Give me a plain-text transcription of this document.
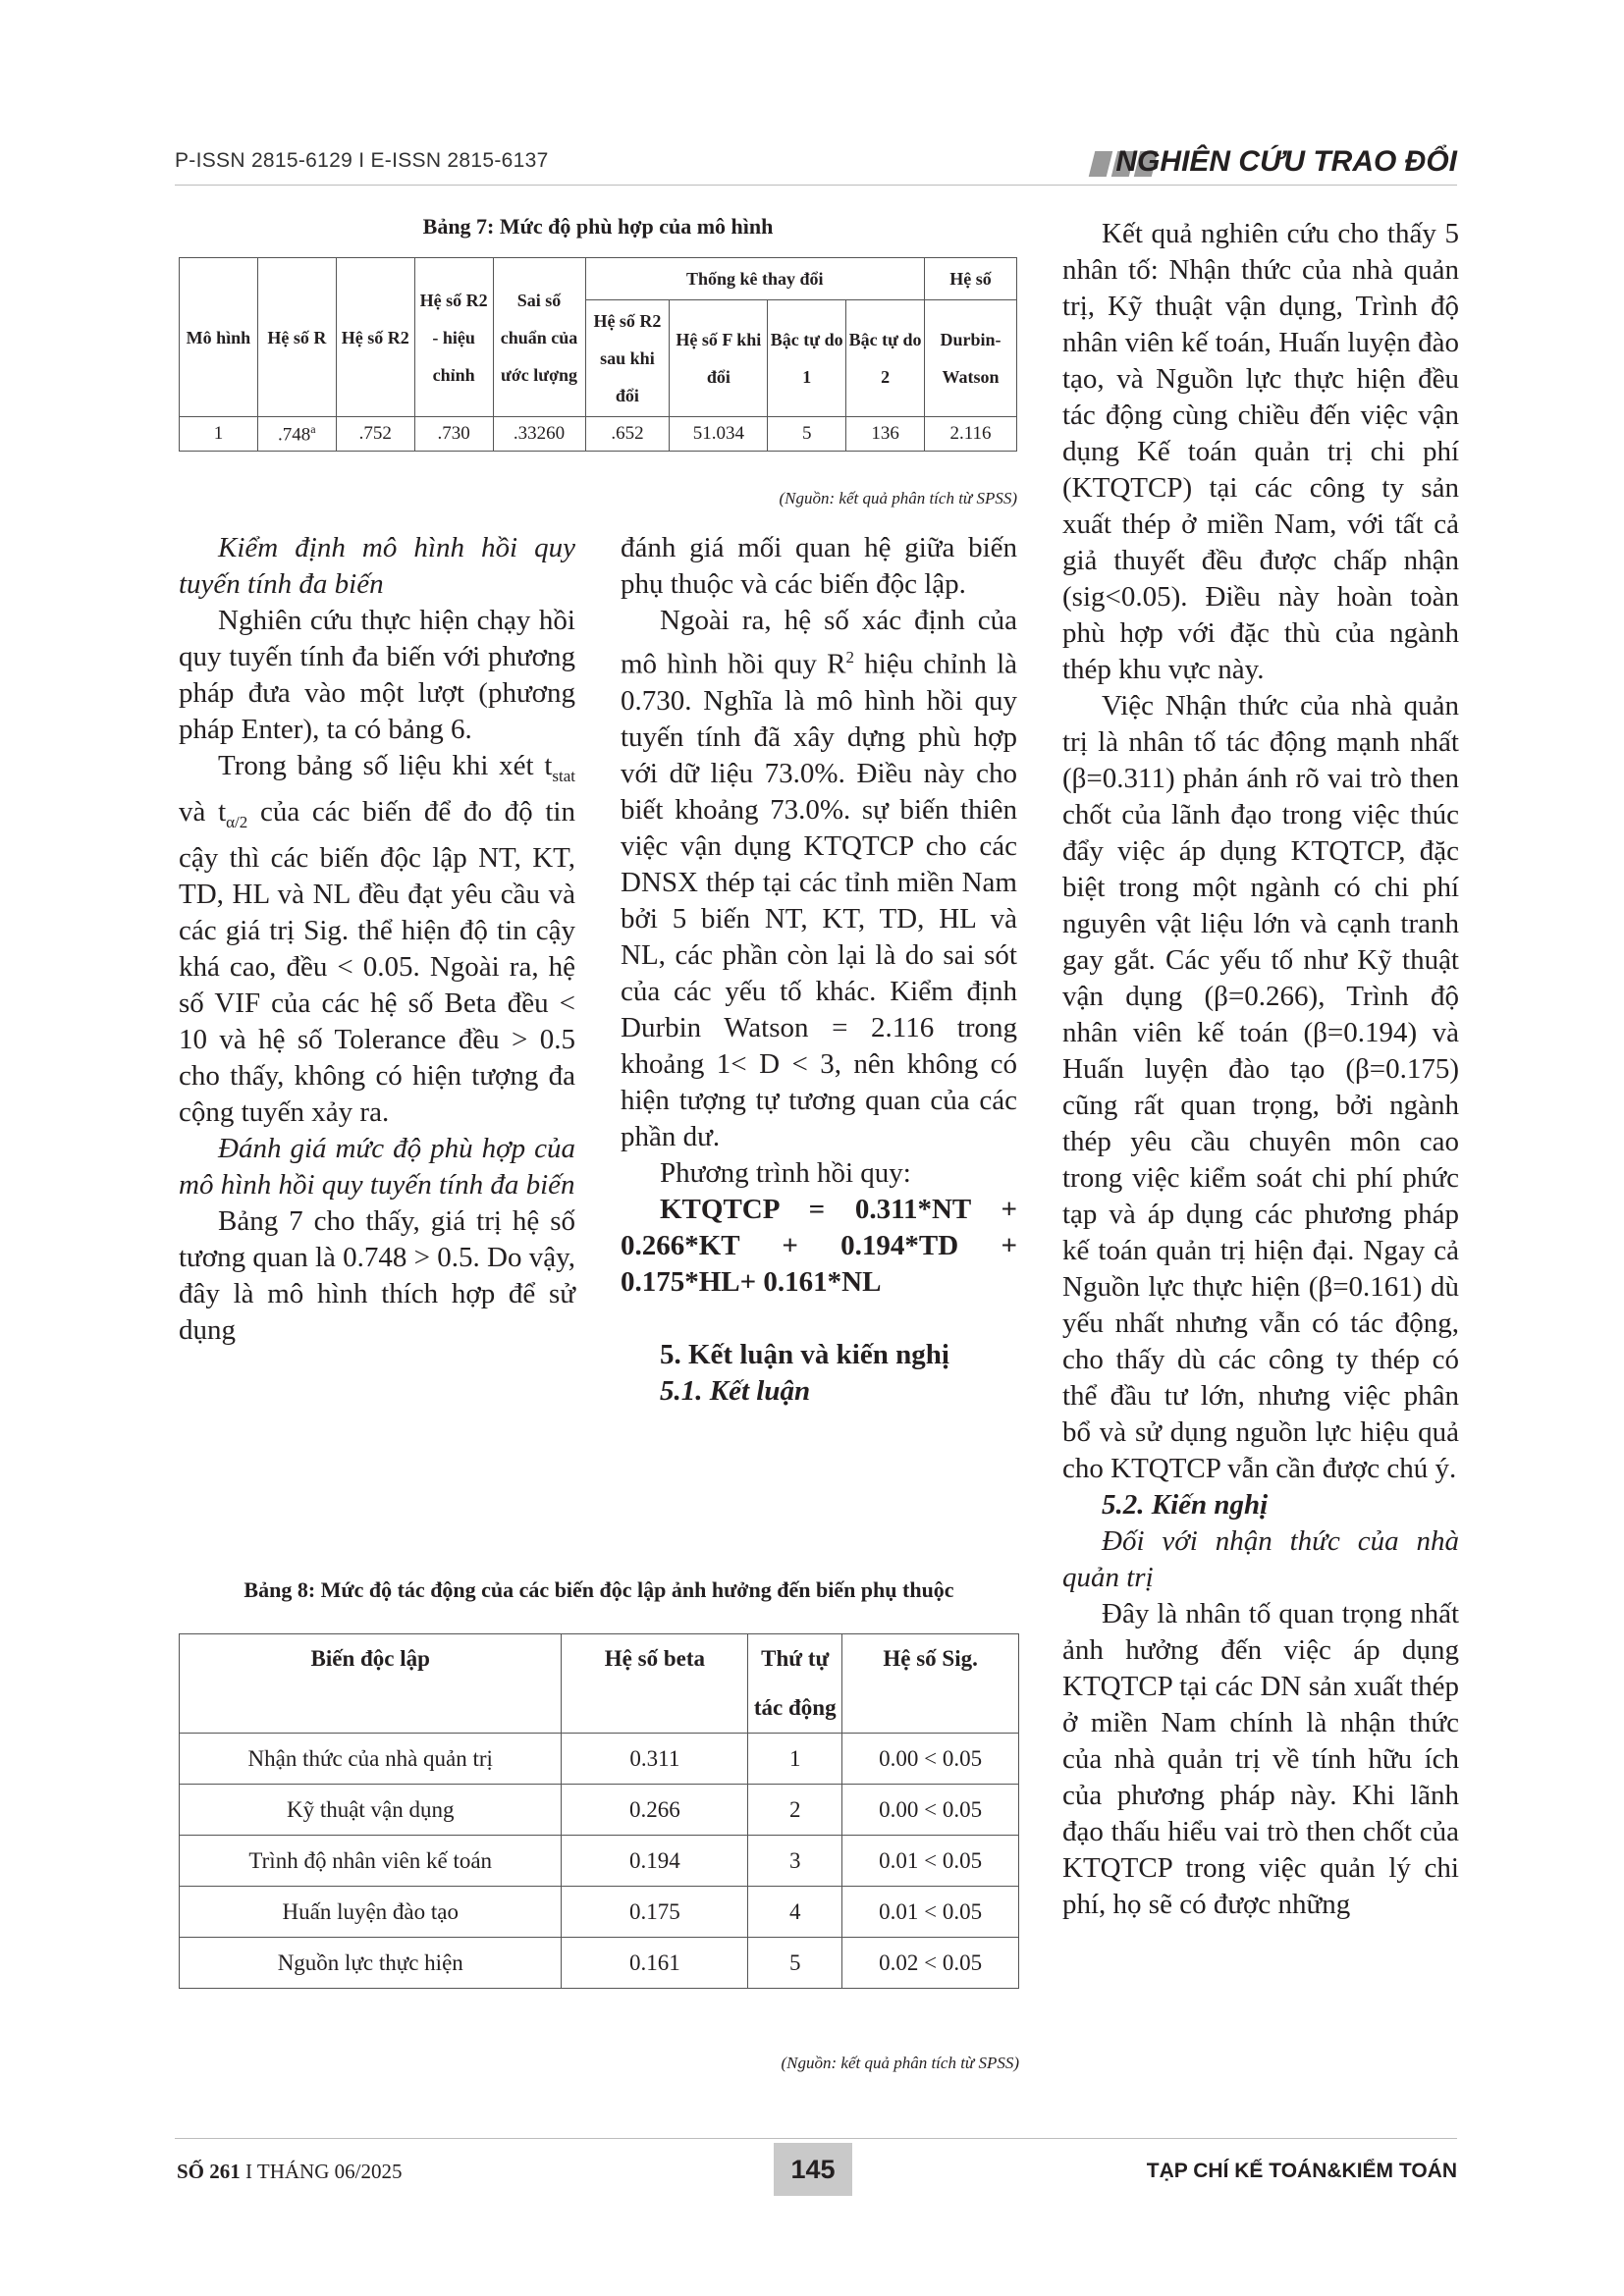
P-ISSN 2815-6129 I E-ISSN 2815-6137	NGHIÊN CỨU TRAO ĐỔI
Bảng 7: Mức độ phù hợp của mô hình
Mô hình	Hệ số R	Hệ số R2	Hệ số R2 - hiệu chỉnh	Sai số chuẩn của ước lượng	Thống kê thay đổi				Hệ số
					Hệ số R2 sau khi đổi	Hệ số F khi đổi	Bậc tự do 1	Bậc tự do 2	Durbin-Watson
1	.748$^a$	.752	.730	.33260	.652	51.034	5	136	2.116
(Nguồn: kết quả phân tích từ SPSS)

Kiểm định mô hình hồi quy tuyến tính đa biến

Nghiên cứu thực hiện chạy hồi quy tuyến tính đa biến với phương pháp đưa vào một lượt (phương pháp Enter), ta có bảng 6.

Trong bảng số liệu khi xét $t_{stat}$ và $t_{\alpha/2}$ của các biến để đo độ tin cậy thì các biến độc lập NT, KT, TD, HL và NL đều đạt yêu cầu và các giá trị Sig. thể hiện độ tin cậy khá cao, đều < 0.05. Ngoài ra, hệ số VIF của các hệ số Beta đều < 10 và hệ số Tolerance đều > 0.5 cho thấy, không có hiện tượng đa cộng tuyến xảy ra.

Đánh giá mức độ phù hợp của mô hình hồi quy tuyến tính đa biến

Bảng 7 cho thấy, giá trị hệ số tương quan là 0.748 > 0.5. Do vậy, đây là mô hình thích hợp để sử dụng

đánh giá mối quan hệ giữa biến phụ thuộc và các biến độc lập.

Ngoài ra, hệ số xác định của mô hình hồi quy $R^2$ hiệu chỉnh là 0.730. Nghĩa là mô hình hồi quy tuyến tính đã xây dựng phù hợp với dữ liệu 73.0%. Điều này cho biết khoảng 73.0%. sự biến thiên việc vận dụng KTQTCP cho các DNSX thép tại các tỉnh miền Nam bởi 5 biến NT, KT, TD, HL và NL, các phần còn lại là do sai sót của các yếu tố khác. Kiểm định Durbin Watson = 2.116 trong khoảng 1< D < 3, nên không có hiện tượng tự tương quan của các phần dư.

Phương trình hồi quy:

KTQTCP = 0.311*NT + 0.266*KT + 0.194*TD + 0.175*HL+ 0.161*NL

5. Kết luận và kiến nghị

5.1. Kết luận

Kết quả nghiên cứu cho thấy 5 nhân tố: Nhận thức của nhà quản trị, Kỹ thuật vận dụng, Trình độ nhân viên kế toán, Huấn luyện đào tạo, và Nguồn lực thực hiện đều tác động cùng chiều đến việc vận dụng Kế toán quản trị chi phí (KTQTCP) tại các công ty sản xuất thép ở miền Nam, với tất cả giả thuyết đều được chấp nhận (sig<0.05). Điều này hoàn toàn phù hợp với đặc thù của ngành thép khu vực này.

Việc Nhận thức của nhà quản trị là nhân tố tác động mạnh nhất (β=0.311) phản ánh rõ vai trò then chốt của lãnh đạo trong việc thúc đẩy việc áp dụng KTQTCP, đặc biệt trong một ngành có chi phí nguyên vật liệu lớn và cạnh tranh gay gắt. Các yếu tố như Kỹ thuật vận dụng (β=0.266), Trình độ nhân viên kế toán (β=0.194) và Huấn luyện đào tạo (β=0.175) cũng rất quan trọng, bởi ngành thép yêu cầu chuyên môn cao trong việc kiểm soát chi phí phức tạp và áp dụng các phương pháp kế toán quản trị hiện đại. Ngay cả Nguồn lực thực hiện (β=0.161) dù yếu nhất nhưng vẫn có tác động, cho thấy dù các công ty thép có thể đầu tư lớn, nhưng việc phân bổ và sử dụng nguồn lực hiệu quả cho KTQTCP vẫn cần được chú ý.

5.2. Kiến nghị

Đối với nhận thức của nhà quản trị

Đây là nhân tố quan trọng nhất ảnh hưởng đến việc áp dụng KTQTCP tại các DN sản xuất thép ở miền Nam chính là nhận thức của nhà quản trị về tính hữu ích của phương pháp này. Khi lãnh đạo thấu hiểu vai trò then chốt của KTQTCP trong việc quản lý chi phí, họ sẽ có được những

Bảng 8: Mức độ tác động của các biến độc lập ảnh hưởng đến biến phụ thuộc
Biến độc lập	Hệ số beta	Thứ tự tác động	Hệ số Sig.
Nhận thức của nhà quản trị	0.311	1	0.00 < 0.05
Kỹ thuật vận dụng	0.266	2	0.00 < 0.05
Trình độ nhân viên kế toán	0.194	3	0.01 < 0.05
Huấn luyện đào tạo	0.175	4	0.01 < 0.05
Nguồn lực thực hiện	0.161	5	0.02 < 0.05
(Nguồn: kết quả phân tích từ SPSS)
SỐ 261 I THÁNG 06/2025	145	TẠP CHÍ KẾ TOÁN&KIỂM TOÁN
